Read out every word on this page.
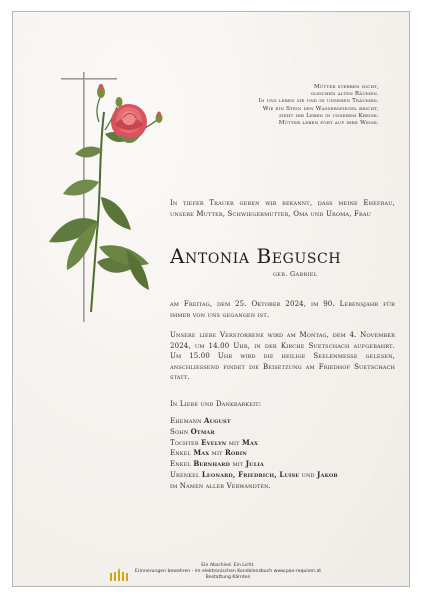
Mütter sterben nicht,
gleichen alten Bäumen.
In uns leben sie und in unseren Träumen.
Wie ein Stein den Wasserspiegel bricht,
zieht ihr Leben in unserem Kreise.
Mütter leben fort auf ihre Weise.
In tiefer Trauer geben wir bekannt, dass meine Ehefrau, unsere Mutter, Schwiegermutter, Oma und Uroma, Frau
Antonia Begusch
geb. Gabriel
am Freitag, dem 25. Oktober 2024, im 90. Lebensjahr für immer von uns gegangen ist.
Unsere liebe Verstorbene wird am Montag, dem 4. November 2024, um 14.00 Uhr, in der Kirche Suetschach aufgebahrt. Um 15.00 Uhr wird die heilige Seelenmesse gelesen, anschliessend findet die Beisetzung am Friedhof Suetschach statt.
In Liebe und Dankbarkeit:
Ehemann August
Sohn Otmar
Tochter Evelyn mit Max
Enkel Max mit Robin
Enkel Bernhard mit Julia
Urenkel Leonard, Friedrich, Luise und Jakob
im Namen aller Verwandten.
Ein Abschied. Ein Licht.
Erinnerungen bewahren - im elektronischen Kondolenzbuch www.pax-requiem.at
Bestattung Kärnten
